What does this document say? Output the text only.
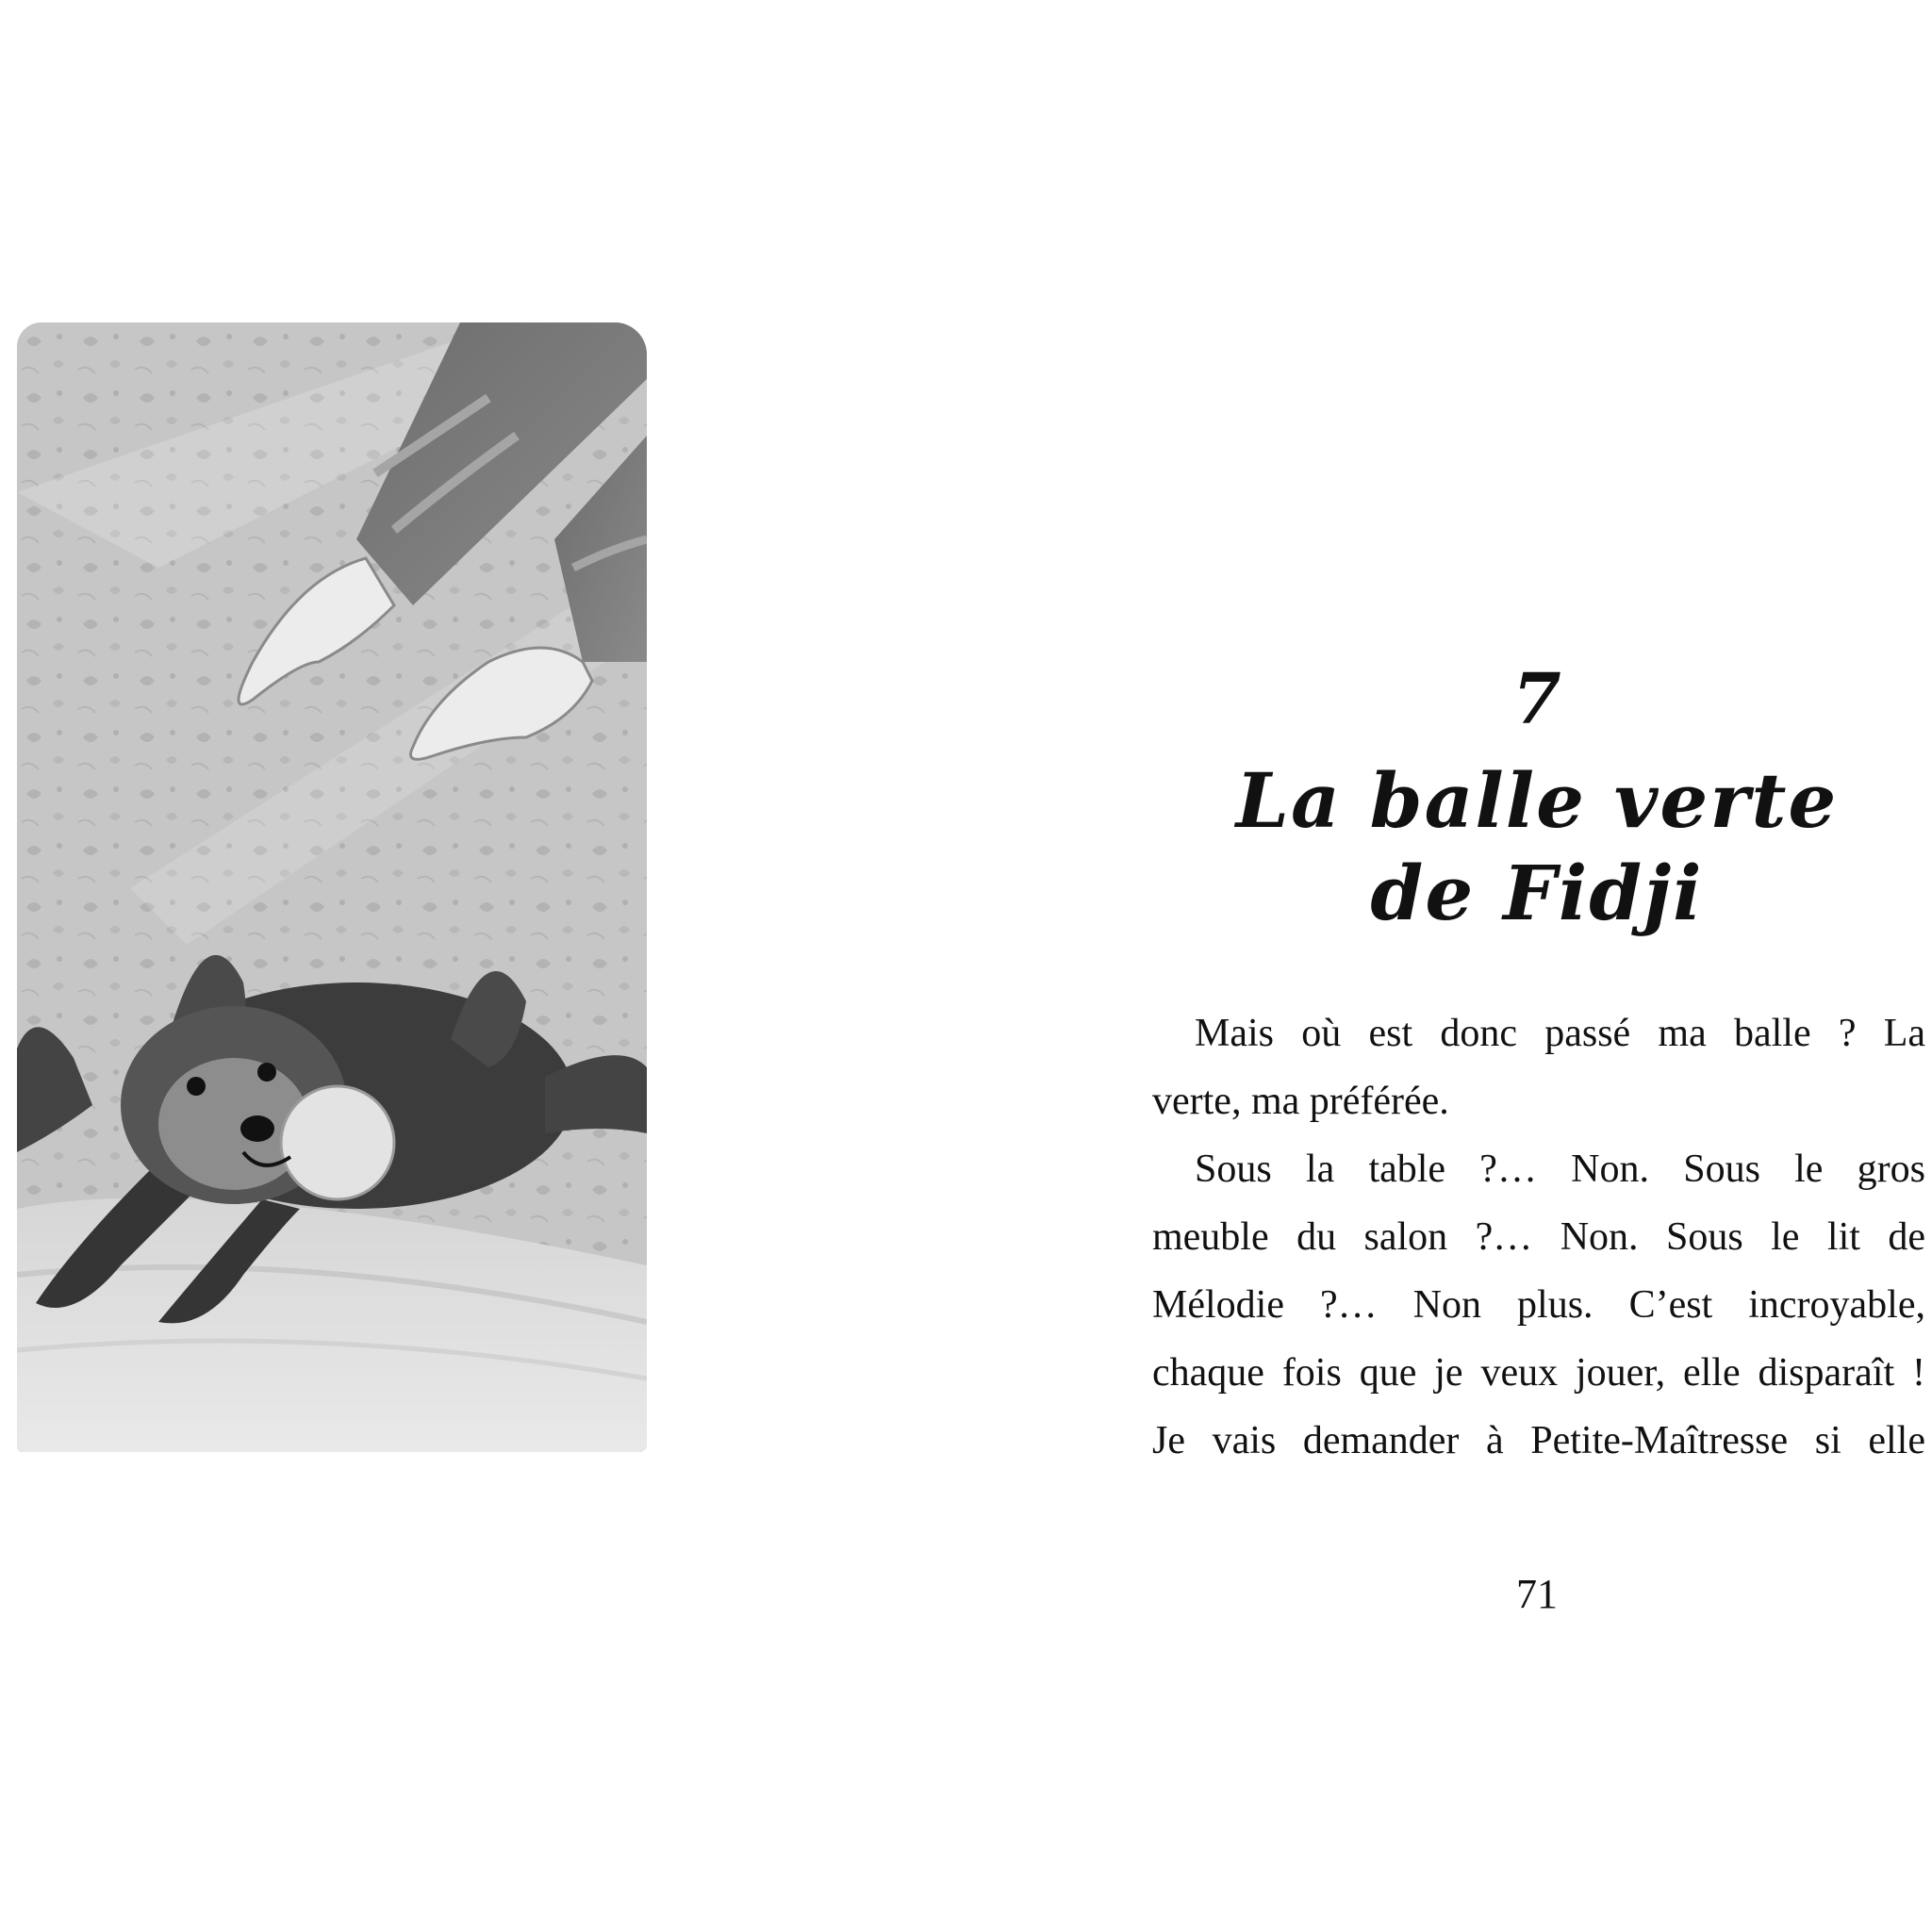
7
La balle verte
de Fidji
Mais où est donc passé ma balle ? La
verte, ma préférée.
Sous la table ?… Non. Sous le gros
meuble du salon ?… Non. Sous le lit de
Mélodie ?… Non plus. C’est incroyable,
chaque fois que je veux jouer, elle disparaît !
Je vais demander à Petite-Maîtresse si elle
71
